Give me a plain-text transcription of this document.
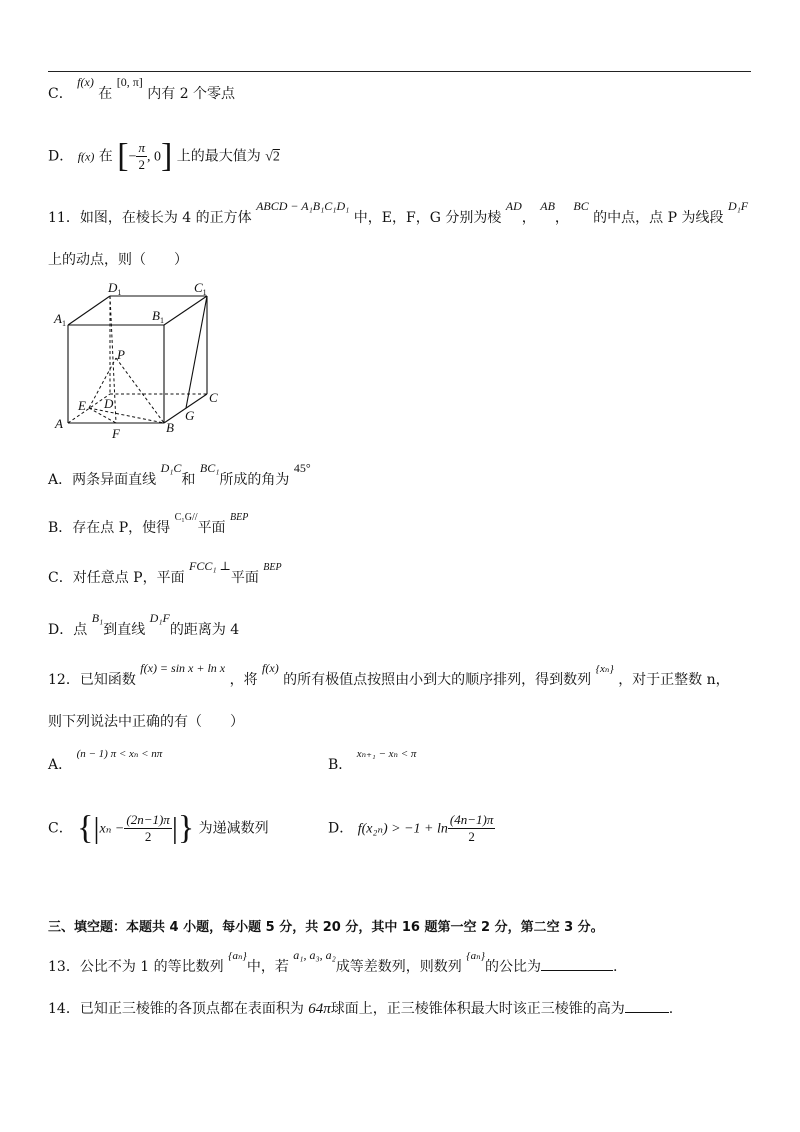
C． f(x) 在 [0, π] 内有 2 个零点
D． f(x) 在 [− $\frac{\pi}{2}$ , 0] 上的最大值为 √2
11．如图，在棱长为 4 的正方体 ABCD − A₁B₁C₁D₁ 中，E，F，G 分别为棱 AD， AB， BC 的中点，点 P 为线段 D₁F
上的动点，则（　　）
$A_1$
$B_1$
$C_1$
$D_1$
A	B
C
D
E
F
G
P
A．两条异面直线 D₁C和 BC₁所成的角为 45°
B．存在点 P，使得 $^{C_1G//}$平面 $^{BEP}$
C．对任意点 P，平面 FCC₁ ⊥平面 $^{BEP}$
D．点 B₁到直线 D₁F的距离为 4
12．已知函数 f(x) = sin x + ln x ，将 f(x) 的所有极值点按照由小到大的顺序排列，得到数列 $^{\{x_n\}}$ ，对于正整数 n，
则下列说法中正确的有（　　）
A． $^{(n - 1) \pi < x_n < n\pi}$
B． $^{x_{n+1} - x_n < \pi}$
C． {$|x_n - \frac{(2n-1)\pi}{2}$ |} 为递减数列	D． $f(x_{2n}) > -1 + \ln \frac{(4n-1)\pi}{2}$
三、填空题：本题共 4 小题，每小题 5 分，共 20 分，其中 16 题第一空 2 分，第二空 3 分。
13．公比不为 1 的等比数列 $^{\{a_n\}}$中，若 a₁, a₃, a₂成等差数列，则数列 $^{\{a_n\}}$的公比为	.
14．已知正三棱锥的各顶点都在表面积为 64π球面上，正三棱锥体积最大时该正三棱锥的高为	.
